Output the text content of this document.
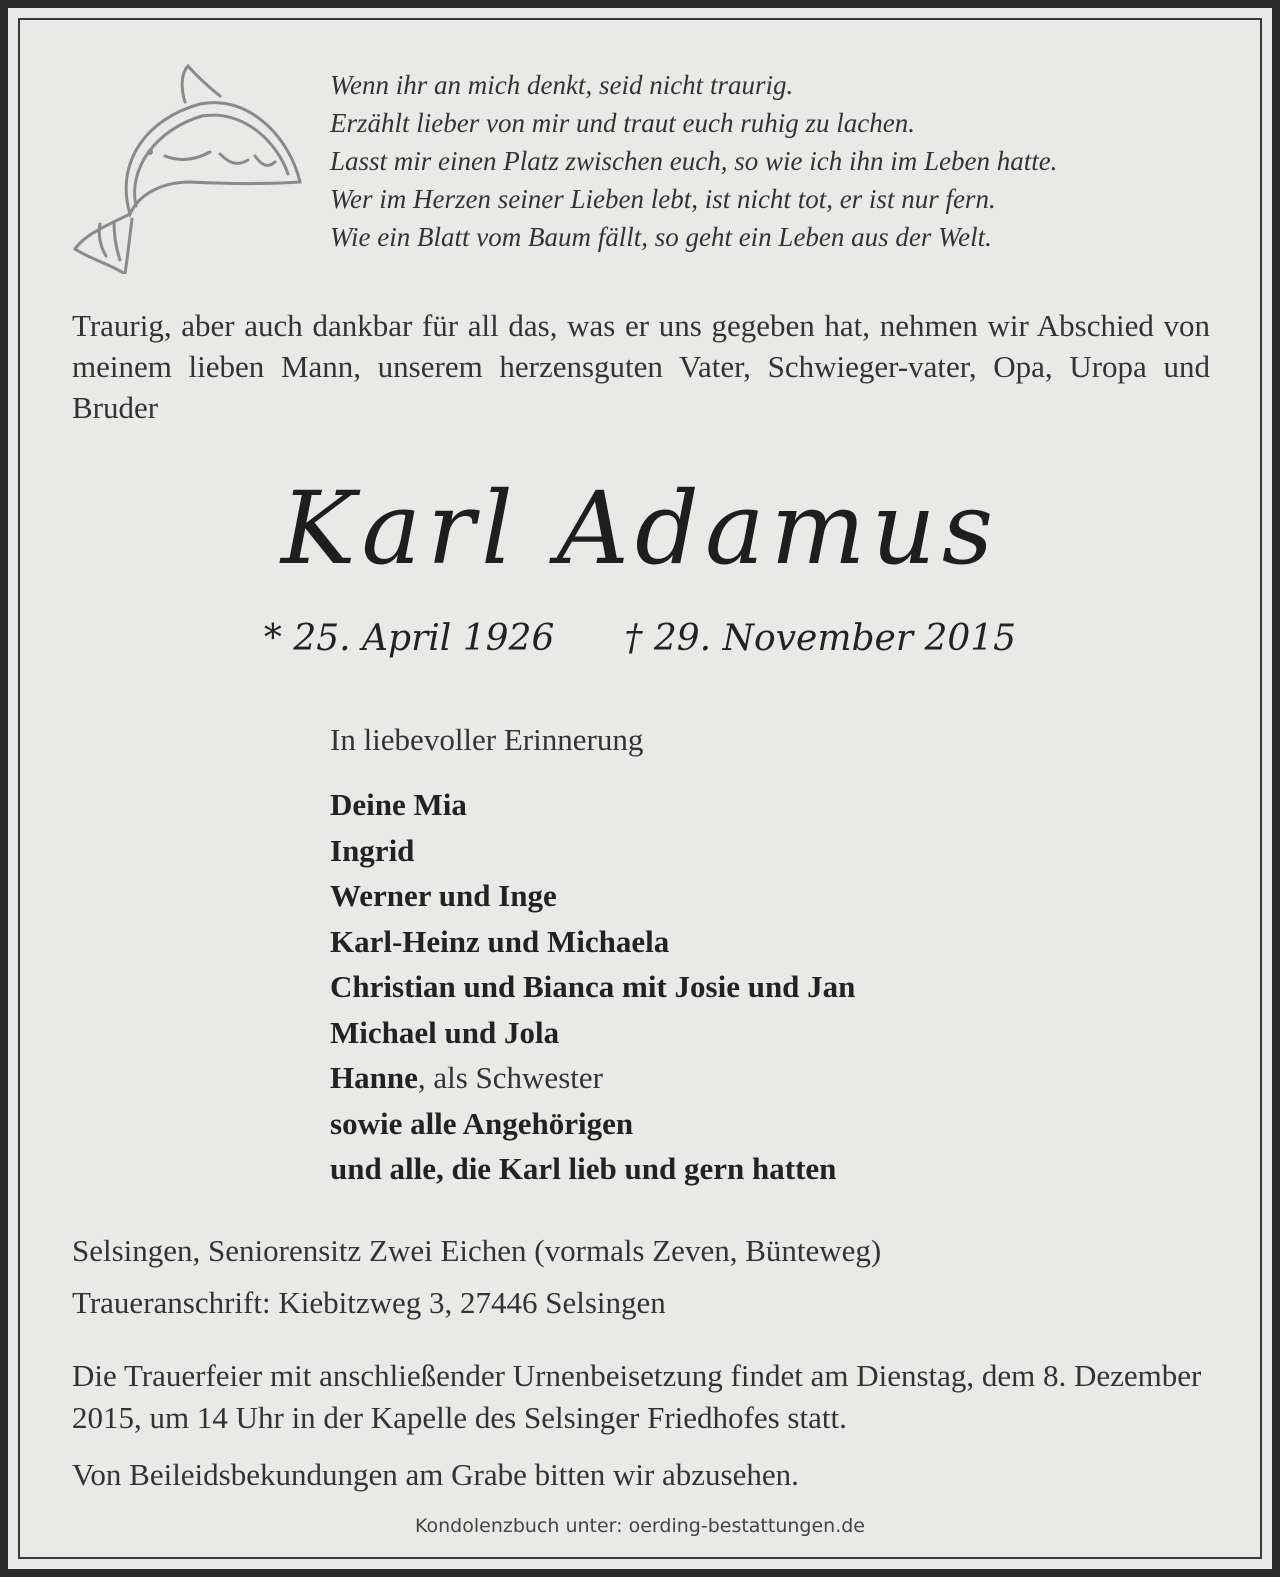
Wenn ihr an mich denkt, seid nicht traurig.
Erzählt lieber von mir und traut euch ruhig zu lachen.
Lasst mir einen Platz zwischen euch, so wie ich ihn im Leben hatte.
Wer im Herzen seiner Lieben lebt, ist nicht tot, er ist nur fern.
Wie ein Blatt vom Baum fällt, so geht ein Leben aus der Welt.
Traurig, aber auch dankbar für all das, was er uns gegeben hat, nehmen wir Abschied von meinem lieben Mann, unserem herzensguten Vater, Schwieger-vater, Opa, Uropa und Bruder
Karl Adamus
* 25. April 1926 † 29. November 2015
In liebevoller Erinnerung
Deine Mia
Ingrid
Werner und Inge
Karl-Heinz und Michaela
Christian und Bianca mit Josie und Jan
Michael und Jola
Hanne, als Schwester
sowie alle Angehörigen
und alle, die Karl lieb und gern hatten
Selsingen, Seniorensitz Zwei Eichen (vormals Zeven, Bünteweg)
Traueranschrift: Kiebitzweg 3, 27446 Selsingen
Die Trauerfeier mit anschließender Urnenbeisetzung findet am Dienstag, dem 8. Dezember 2015, um 14 Uhr in der Kapelle des Selsinger Friedhofes statt.
Von Beileidsbekundungen am Grabe bitten wir abzusehen.
Kondolenzbuch unter: oerding-bestattungen.de
